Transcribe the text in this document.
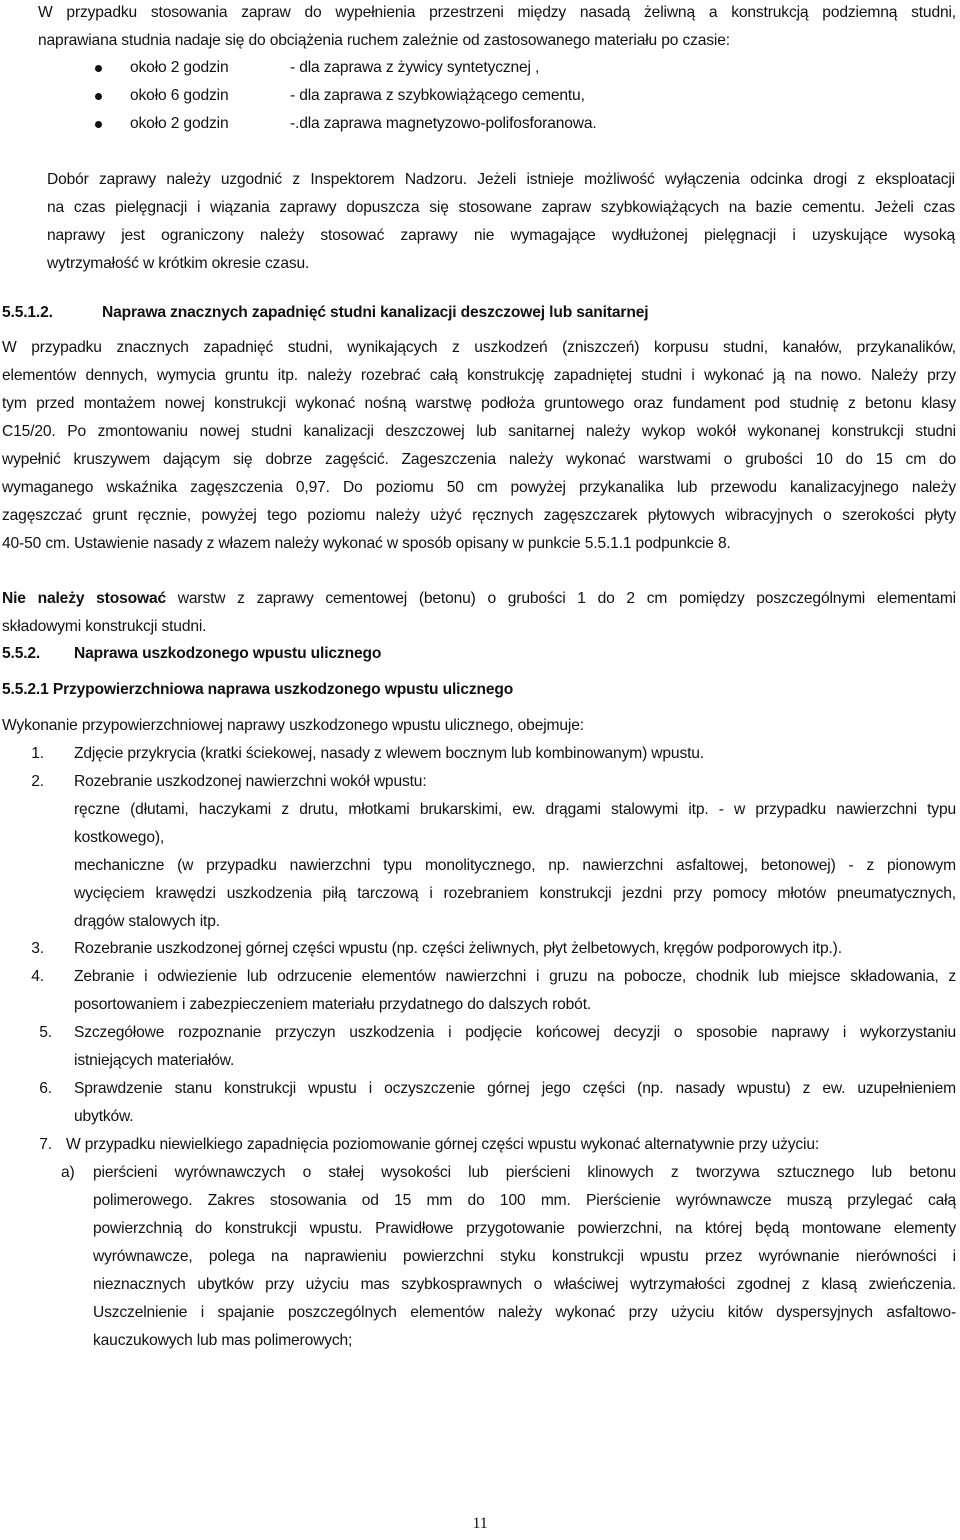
W przypadku stosowania zapraw do wypełnienia przestrzeni między nasadą żeliwną a konstrukcją podziemną studni,
naprawiana studnia nadaje się do obciążenia ruchem zależnie od zastosowanego materiału po czasie:
około 2 godzin	- dla zaprawa z żywicy syntetycznej ,
około 6 godzin	- dla zaprawa z szybkowiążącego cementu,
około 2 godzin	-.dla zaprawa magnetyzowo-polifosforanowa.
Dobór zaprawy należy uzgodnić z Inspektorem Nadzoru. Jeżeli istnieje możliwość wyłączenia odcinka drogi z eksploatacji
na czas pielęgnacji i wiązania zaprawy dopuszcza się stosowane zapraw szybkowiążących na bazie cementu. Jeżeli czas
naprawy jest ograniczony należy stosować zaprawy nie wymagające wydłużonej pielęgnacji i uzyskujące wysoką
wytrzymałość w krótkim okresie czasu.
5.5.1.2.	Naprawa znacznych zapadnięć studni kanalizacji deszczowej lub sanitarnej
W przypadku znacznych zapadnięć studni, wynikających z uszkodzeń (zniszczeń) korpusu studni, kanałów, przykanalików,
elementów dennych, wymycia gruntu itp. należy rozebrać całą konstrukcję zapadniętej studni i wykonać ją na nowo. Należy przy
tym przed montażem nowej konstrukcji wykonać nośną warstwę podłoża gruntowego oraz fundament pod studnię z betonu klasy
C15/20. Po zmontowaniu nowej studni kanalizacji deszczowej lub sanitarnej należy wykop wokół wykonanej konstrukcji studni
wypełnić kruszywem dającym się dobrze zagęścić. Zageszczenia należy wykonać warstwami o grubości 10 do 15 cm do
wymaganego wskaźnika zagęszczenia 0,97. Do poziomu 50 cm powyżej przykanalika lub przewodu kanalizacyjnego należy
zagęszczać grunt ręcznie, powyżej tego poziomu należy użyć ręcznych zagęszczarek płytowych wibracyjnych o szerokości płyty
40-50 cm. Ustawienie nasady z włazem należy wykonać w sposób opisany w punkcie 5.5.1.1 podpunkcie 8.
Nie należy stosować warstw z zaprawy cementowej (betonu) o grubości 1 do 2 cm pomiędzy poszczególnymi elementami
składowymi konstrukcji studni.
5.5.2. Naprawa uszkodzonego wpustu ulicznego
5.5.2.1 Przypowierzchniowa naprawa uszkodzonego wpustu ulicznego
Wykonanie przypowierzchniowej naprawy uszkodzonego wpustu ulicznego, obejmuje:
1. Zdjęcie przykrycia (kratki ściekowej, nasady z wlewem bocznym lub kombinowanym) wpustu.
2. Rozebranie uszkodzonej nawierzchni wokół wpustu:
ręczne (dłutami, haczykami z drutu, młotkami brukarskimi, ew. drągami stalowymi itp. - w przypadku nawierzchni typu
kostkowego),
mechaniczne (w przypadku nawierzchni typu monolitycznego, np. nawierzchni asfaltowej, betonowej) - z pionowym
wycięciem krawędzi uszkodzenia piłą tarczową i rozebraniem konstrukcji jezdni przy pomocy młotów pneumatycznych,
drągów stalowych itp.
3. Rozebranie uszkodzonej górnej części wpustu (np. części żeliwnych, płyt żelbetowych, kręgów podporowych itp.).
4. Zebranie i odwiezienie lub odrzucenie elementów nawierzchni i gruzu na pobocze, chodnik lub miejsce składowania, z
posortowaniem i zabezpieczeniem materiału przydatnego do dalszych robót.
5. Szczegółowe rozpoznanie przyczyn uszkodzenia i podjęcie końcowej decyzji o sposobie naprawy i wykorzystaniu
istniejących materiałów.
6. Sprawdzenie stanu konstrukcji wpustu i oczyszczenie górnej jego części (np. nasady wpustu) z ew. uzupełnieniem
ubytków.
7. W przypadku niewielkiego zapadnięcia poziomowanie górnej części wpustu wykonać alternatywnie przy użyciu:
a) pierścieni wyrównawczych o stałej wysokości lub pierścieni klinowych z tworzywa sztucznego lub betonu
polimerowego. Zakres stosowania od 15 mm do 100 mm. Pierścienie wyrównawcze muszą przylegać całą
powierzchnią do konstrukcji wpustu. Prawidłowe przygotowanie powierzchni, na której będą montowane elementy
wyrównawcze, polega na naprawieniu powierzchni styku konstrukcji wpustu przez wyrównanie nierówności i
nieznacznych ubytków przy użyciu mas szybkosprawnych o właściwej wytrzymałości zgodnej z klasą zwieńczenia.
Uszczelnienie i spajanie poszczególnych elementów należy wykonać przy użyciu kitów dyspersyjnych asfaltowo-
kauczukowych lub mas polimerowych;
11
